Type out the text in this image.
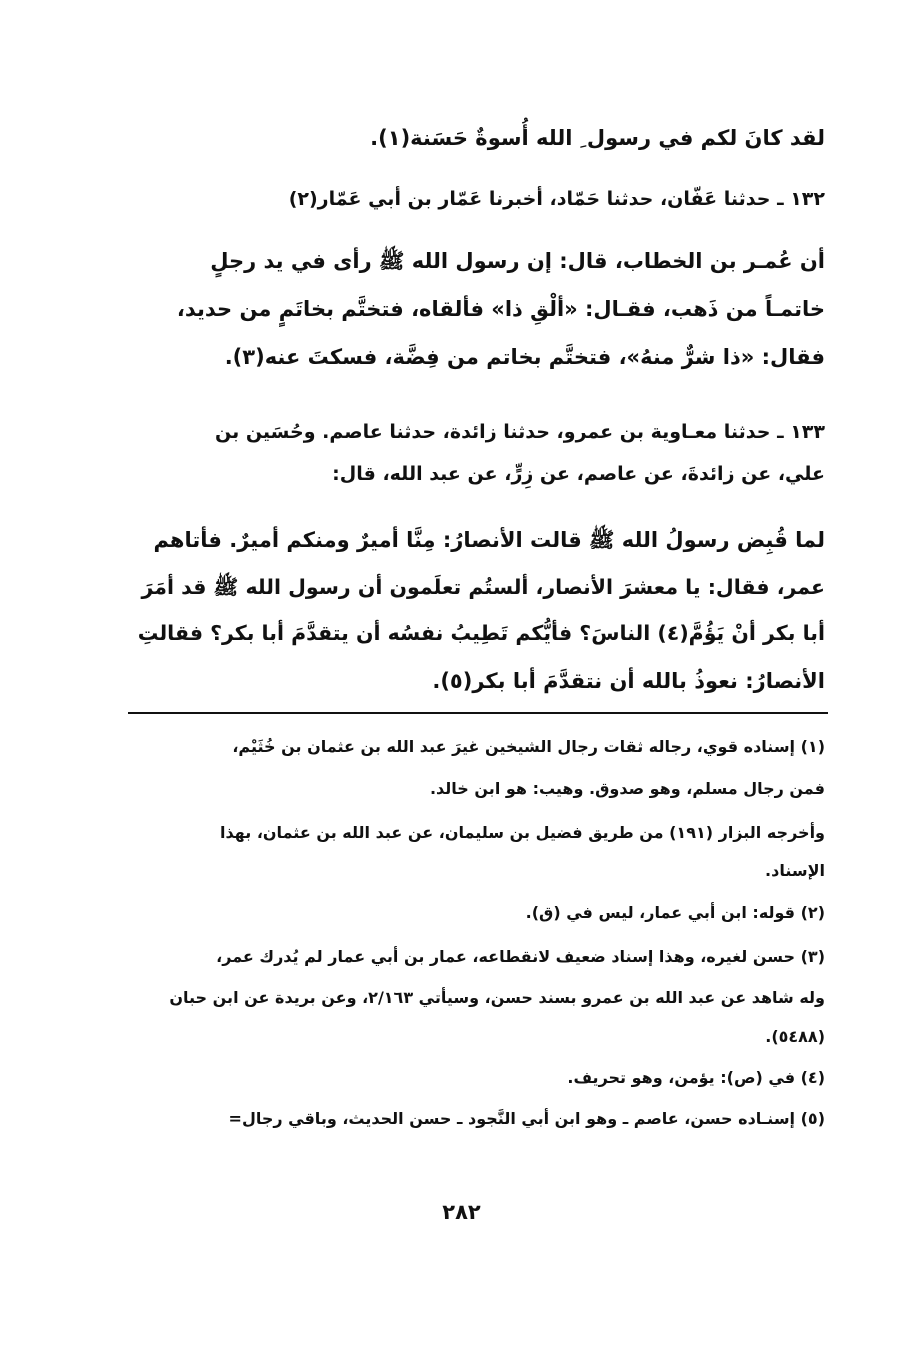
لقد كانَ لكم في رسول ِ الله أُسوةٌ حَسَنة(١).
١٣٢ ـ حدثنا عَفّان، حدثنا حَمّاد، أخبرنا عَمّار بن أبي عَمّار(٢)
أن عُمـر بن الخطاب، قال: إن رسول الله ﷺ رأى في يد رجلٍ
خاتمـاً من ذَهب، فقـال: «ألْقِ ذا» فألقاه، فتختَّم بخاتَمٍ من حديد،
فقال: «ذا شرٌّ منهُ»، فتختَّم بخاتم من فِضَّة، فسكتَ عنه(٣).
١٣٣ ـ حدثنا معـاوية بن عمرو، حدثنا زائدة، حدثنا عاصم. وحُسَين بن
علي، عن زائدةَ، عن عاصم، عن زِرٍّ، عن عبد الله، قال:
لما قُبِض رسولُ الله ﷺ قالت الأنصارُ: مِنَّا أميرٌ ومنكم أميرٌ. فأتاهم
عمر، فقال: يا معشرَ الأنصار، ألستُم تعلَمون أن رسول الله ﷺ قد أمَرَ
أبا بكر أنْ يَؤُمَّ(٤) الناسَ؟ فأيُّكم تَطِيبُ نفسُه أن يتقدَّمَ أبا بكر؟ فقالتِ
الأنصارُ: نعوذُ بالله أن نتقدَّمَ أبا بكر(٥).
(١) إسناده قوي، رجاله ثقات رجال الشيخين غيرَ عبد الله بن عثمان بن خُثَيْم،
فمن رجال مسلم، وهو صدوق. وهيب: هو ابن خالد.
وأخرجه البزار (١٩١) من طريق فضيل بن سليمان، عن عبد الله بن عثمان، بهذا
الإسناد.
(٢) قوله: ابن أبي عمار، ليس في (ق).
(٣) حسن لغيره، وهذا إسناد ضعيف لانقطاعه، عمار بن أبي عمار لم يُدرك عمر،
وله شاهد عن عبد الله بن عمرو بسند حسن، وسيأتي ٢/١٦٣، وعن بريدة عن ابن حبان
(٥٤٨٨).
(٤) في (ص): يؤمن، وهو تحريف.
(٥) إسنـاده حسن، عاصم ـ وهو ابن أبي النَّجود ـ حسن الحديث، وباقي رجال=
٢٨٢
